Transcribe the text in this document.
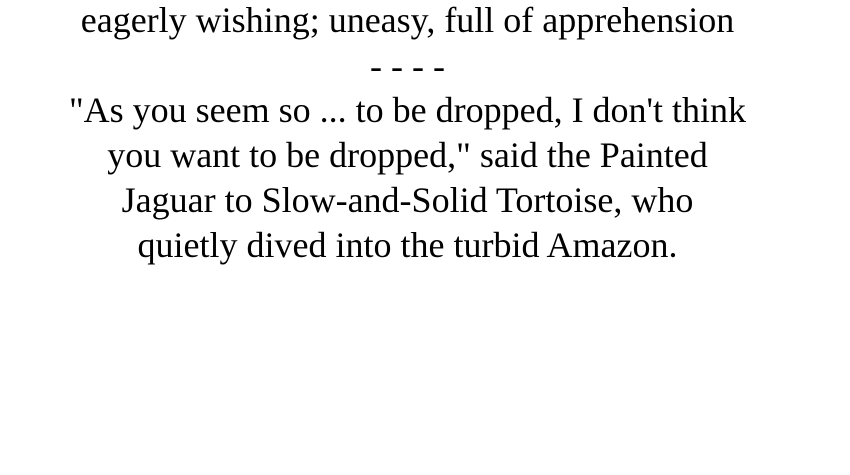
eagerly wishing; uneasy, full of apprehension

- - - -

"As you seem so ... to be dropped, I don't think
you want to be dropped," said the Painted
Jaguar to Slow-and-Solid Tortoise, who
quietly dived into the turbid Amazon.
